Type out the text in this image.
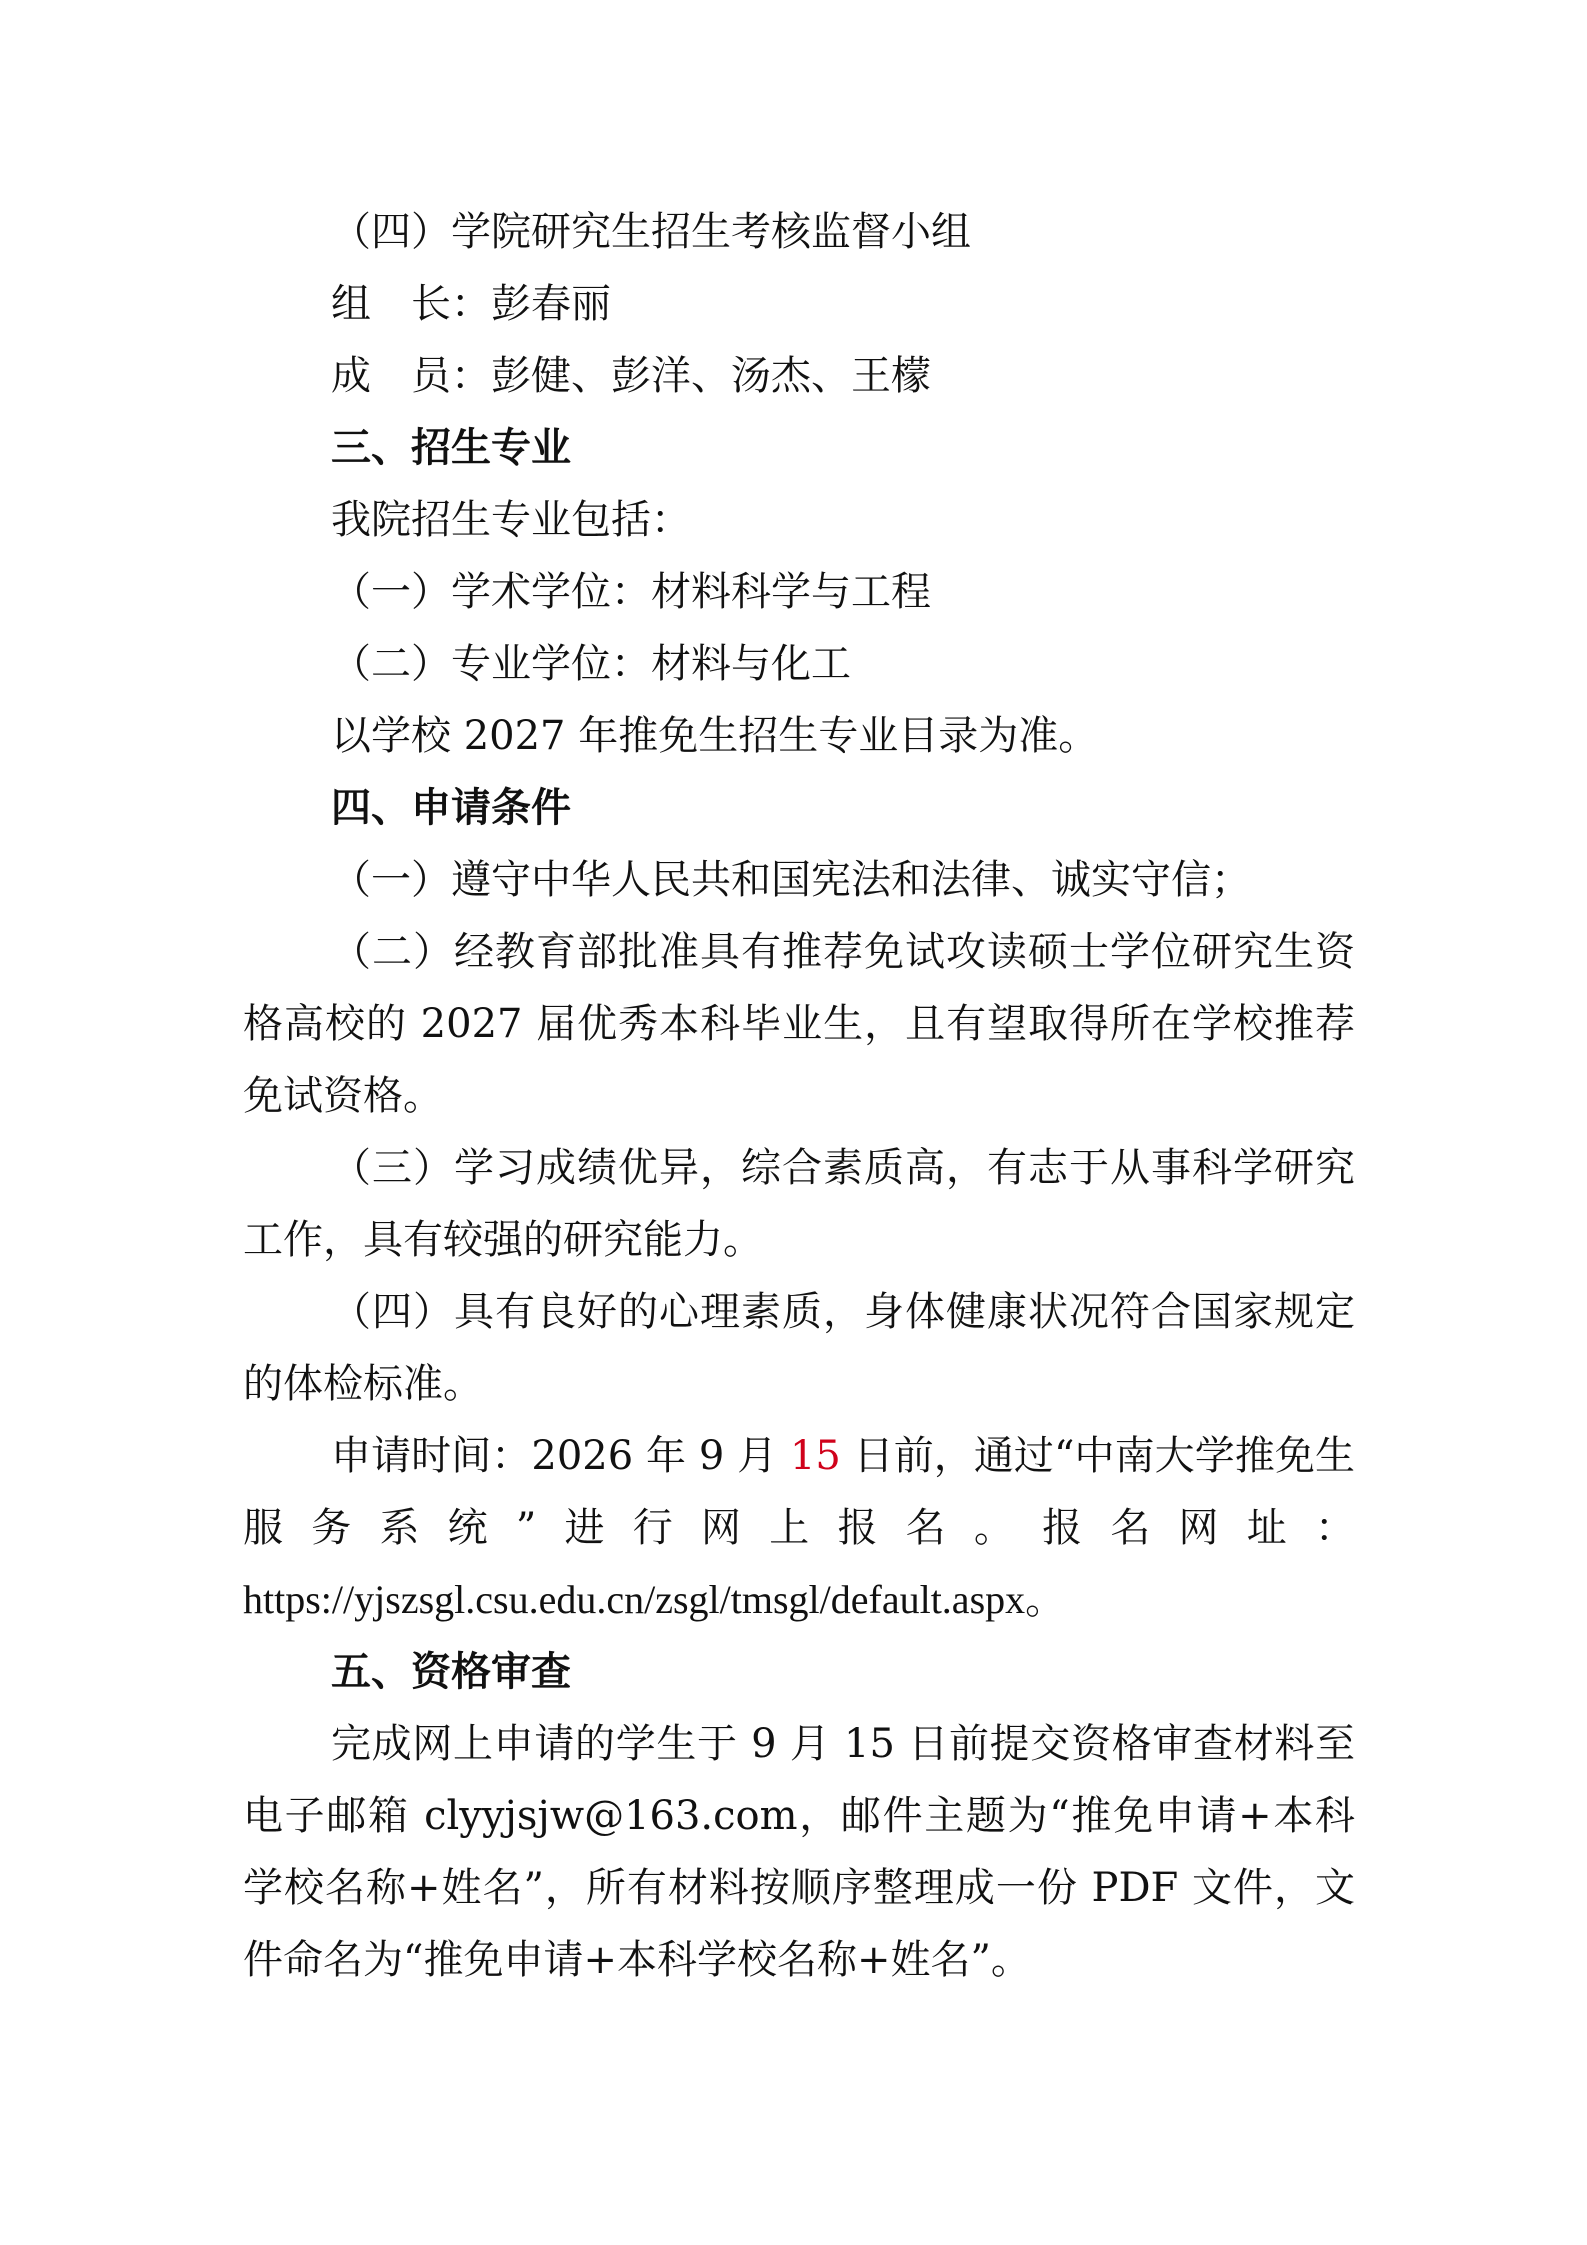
（四）学院研究生招生考核监督小组

组　长：彭春丽

成　员：彭健、彭洋、汤杰、王檬

三、招生专业

我院招生专业包括：

（一）学术学位：材料科学与工程

（二）专业学位：材料与化工

以学校 2027 年推免生招生专业目录为准。

四、申请条件

（一）遵守中华人民共和国宪法和法律、诚实守信；

（二）经教育部批准具有推荐免试攻读硕士学位研究生资格高校的 2027 届优秀本科毕业生，且有望取得所在学校推荐免试资格。

（三）学习成绩优异，综合素质高，有志于从事科学研究工作，具有较强的研究能力。

（四）具有良好的心理素质，身体健康状况符合国家规定的体检标准。

申请时间：2026 年 9 月 15 日前，通过“中南大学推免生服务系统”进行网上报名。报名网址：https://yjszsgl.csu.edu.cn/zsgl/tmsgl/default.aspx。

五、资格审查

完成网上申请的学生于 9 月 15 日前提交资格审查材料至电子邮箱 clyyjsjw@163.com，邮件主题为“推免申请+本科学校名称+姓名”，所有材料按顺序整理成一份 PDF 文件，文件命名为“推免申请+本科学校名称+姓名”。
